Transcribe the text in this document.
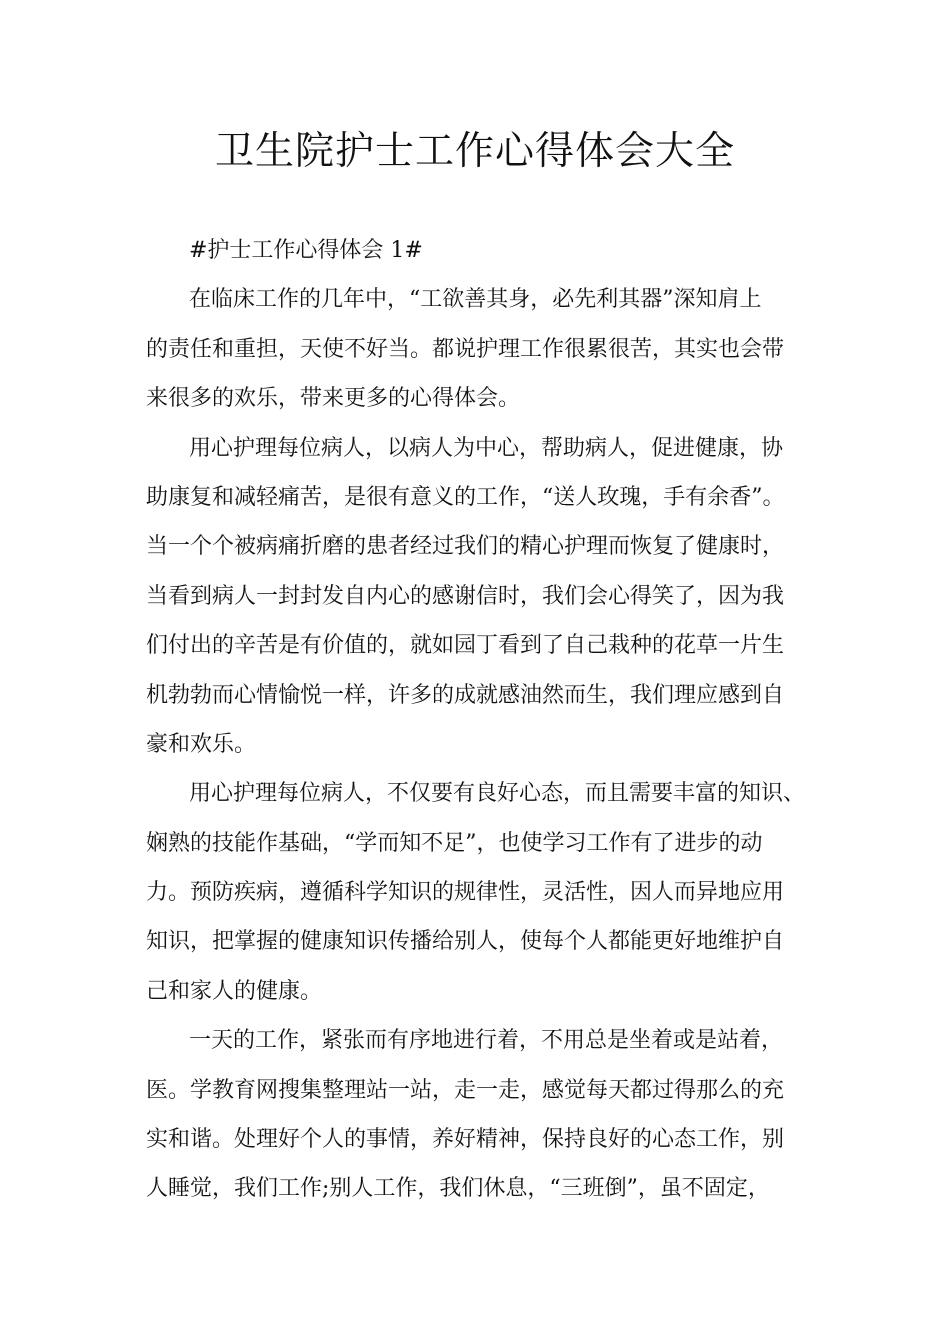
卫生院护士工作心得体会大全
#护士工作心得体会 1#
在临床工作的几年中，“工欲善其身，必先利其器”深知肩上
的责任和重担，天使不好当。都说护理工作很累很苦，其实也会带
来很多的欢乐，带来更多的心得体会。
用心护理每位病人，以病人为中心，帮助病人，促进健康，协
助康复和减轻痛苦，是很有意义的工作，“送人玫瑰，手有余香”。
当一个个被病痛折磨的患者经过我们的精心护理而恢复了健康时，
当看到病人一封封发自内心的感谢信时，我们会心得笑了，因为我
们付出的辛苦是有价值的，就如园丁看到了自己栽种的花草一片生
机勃勃而心情愉悦一样，许多的成就感油然而生，我们理应感到自
豪和欢乐。
用心护理每位病人，不仅要有良好心态，而且需要丰富的知识、
娴熟的技能作基础，“学而知不足”，也使学习工作有了进步的动
力。预防疾病，遵循科学知识的规律性，灵活性，因人而异地应用
知识，把掌握的健康知识传播给别人，使每个人都能更好地维护自
己和家人的健康。
一天的工作，紧张而有序地进行着，不用总是坐着或是站着，
医。学教育网搜集整理站一站，走一走，感觉每天都过得那么的充
实和谐。处理好个人的事情，养好精神，保持良好的心态工作，别
人睡觉，我们工作;别人工作，我们休息，“三班倒”，虽不固定，
